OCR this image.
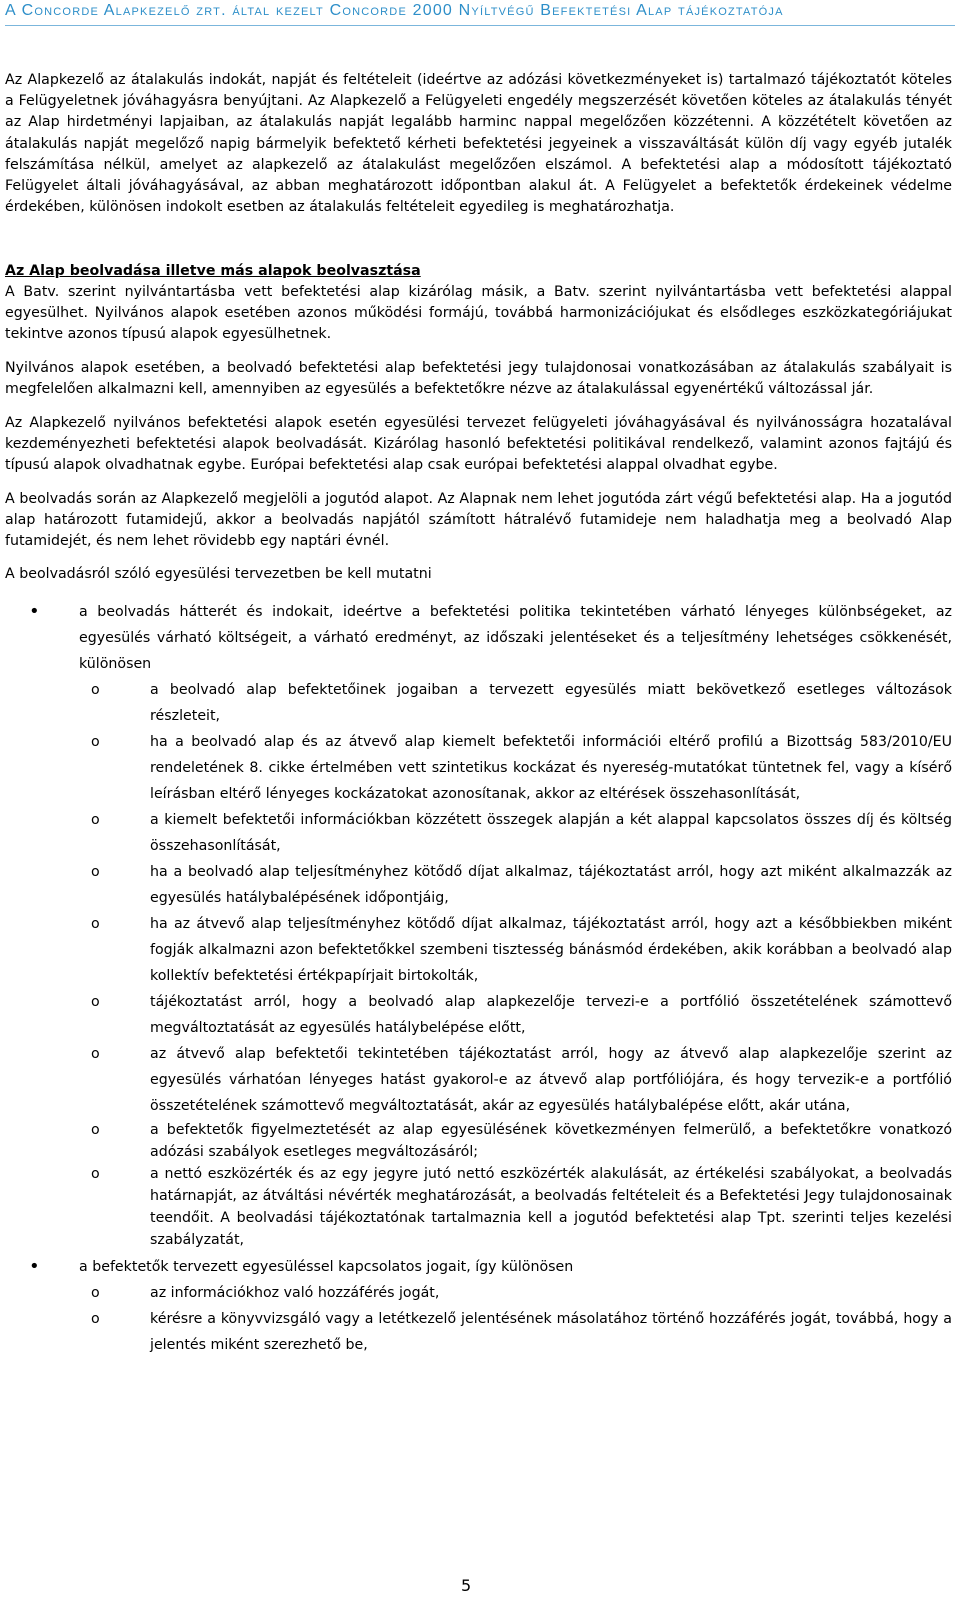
A Concorde Alapkezelő zrt. által kezelt Concorde 2000 Nyíltvégű Befektetési Alap tájékoztatója

Az Alapkezelő az átalakulás indokát, napját és feltételeit (ideértve az adózási következményeket is) tartalmazó tájékoztatót köteles a Felügyeletnek jóváhagyásra benyújtani. Az Alapkezelő a Felügyeleti engedély megszerzését követően köteles az átalakulás tényét az Alap hirdetményi lapjaiban, az átalakulás napját legalább harminc nappal megelőzően közzétenni. A közzétételt követően az átalakulás napját megelőző napig bármelyik befektető kérheti befektetési jegyeinek a visszaváltását külön díj vagy egyéb jutalék felszámítása nélkül, amelyet az alapkezelő az átalakulást megelőzően elszámol. A befektetési alap a módosított tájékoztató Felügyelet általi jóváhagyásával, az abban meghatározott időpontban alakul át. A Felügyelet a befektetők érdekeinek védelme érdekében, különösen indokolt esetben az átalakulás feltételeit egyedileg is meghatározhatja.

Az Alap beolvadása illetve más alapok beolvasztása

A Batv. szerint nyilvántartásba vett befektetési alap kizárólag másik, a Batv. szerint nyilvántartásba vett befektetési alappal egyesülhet. Nyilvános alapok esetében azonos működési formájú, továbbá harmonizációjukat és elsődleges eszközkategóriájukat tekintve azonos típusú alapok egyesülhetnek.

Nyilvános alapok esetében, a beolvadó befektetési alap befektetési jegy tulajdonosai vonatkozásában az átalakulás szabályait is megfelelően alkalmazni kell, amennyiben az egyesülés a befektetőkre nézve az átalakulással egyenértékű változással jár.

Az Alapkezelő nyilvános befektetési alapok esetén egyesülési tervezet felügyeleti jóváhagyásával és nyilvánosságra hozatalával kezdeményezheti befektetési alapok beolvadását. Kizárólag hasonló befektetési politikával rendelkező, valamint azonos fajtájú és típusú alapok olvadhatnak egybe. Európai befektetési alap csak európai befektetési alappal olvadhat egybe.

A beolvadás során az Alapkezelő megjelöli a jogutód alapot. Az Alapnak nem lehet jogutóda zárt végű befektetési alap. Ha a jogutód alap határozott futamidejű, akkor a beolvadás napjától számított hátralévő futamideje nem haladhatja meg a beolvadó Alap futamidejét, és nem lehet rövidebb egy naptári évnél.

A beolvadásról szóló egyesülési tervezetben be kell mutatni

•	a beolvadás hátterét és indokait, ideértve a befektetési politika tekintetében várható lényeges különbségeket, az egyesülés várható költségeit, a várható eredményt, az időszaki jelentéseket és a teljesítmény lehetséges csökkenését, különösen
o	a beolvadó alap befektetőinek jogaiban a tervezett egyesülés miatt bekövetkező esetleges változások részleteit,
o	ha a beolvadó alap és az átvevő alap kiemelt befektetői információi eltérő profilú a Bizottság 583/2010/EU rendeletének 8. cikke értelmében vett szintetikus kockázat és nyereség-mutatókat tüntetnek fel, vagy a kísérő leírásban eltérő lényeges kockázatokat azonosítanak, akkor az eltérések összehasonlítását,
o	a kiemelt befektetői információkban közzétett összegek alapján a két alappal kapcsolatos összes díj és költség összehasonlítását,
o	ha a beolvadó alap teljesítményhez kötődő díjat alkalmaz, tájékoztatást arról, hogy azt miként alkalmazzák az egyesülés hatálybalépésének időpontjáig,
o	ha az átvevő alap teljesítményhez kötődő díjat alkalmaz, tájékoztatást arról, hogy azt a későbbiekben miként fogják alkalmazni azon befektetőkkel szembeni tisztesség bánásmód érdekében, akik korábban a beolvadó alap kollektív befektetési értékpapírjait birtokolták,
o	tájékoztatást arról, hogy a beolvadó alap alapkezelője tervezi-e a portfólió összetételének számottevő megváltoztatását az egyesülés hatálybelépése előtt,
o	az átvevő alap befektetői tekintetében tájékoztatást arról, hogy az átvevő alap alapkezelője szerint az egyesülés várhatóan lényeges hatást gyakorol-e az átvevő alap portfóliójára, és hogy tervezik-e a portfólió összetételének számottevő megváltoztatását, akár az egyesülés hatálybalépése előtt, akár utána,
o	a befektetők figyelmeztetését az alap egyesülésének következményen felmerülő, a befektetőkre vonatkozó adózási szabályok esetleges megváltozásáról;
o	a nettó eszközérték és az egy jegyre jutó nettó eszközérték alakulását, az értékelési szabályokat, a beolvadás határnapját, az átváltási névérték meghatározását, a beolvadás feltételeit és a Befektetési Jegy tulajdonosainak teendőit. A beolvadási tájékoztatónak tartalmaznia kell a jogutód befektetési alap Tpt. szerinti teljes kezelési szabályzatát,
•	a befektetők tervezett egyesüléssel kapcsolatos jogait, így különösen
o	az információkhoz való hozzáférés jogát,
o	kérésre a könyvvizsgáló vagy a letétkezelő jelentésének másolatához történő hozzáférés jogát, továbbá, hogy a jelentés miként szerezhető be,
5
